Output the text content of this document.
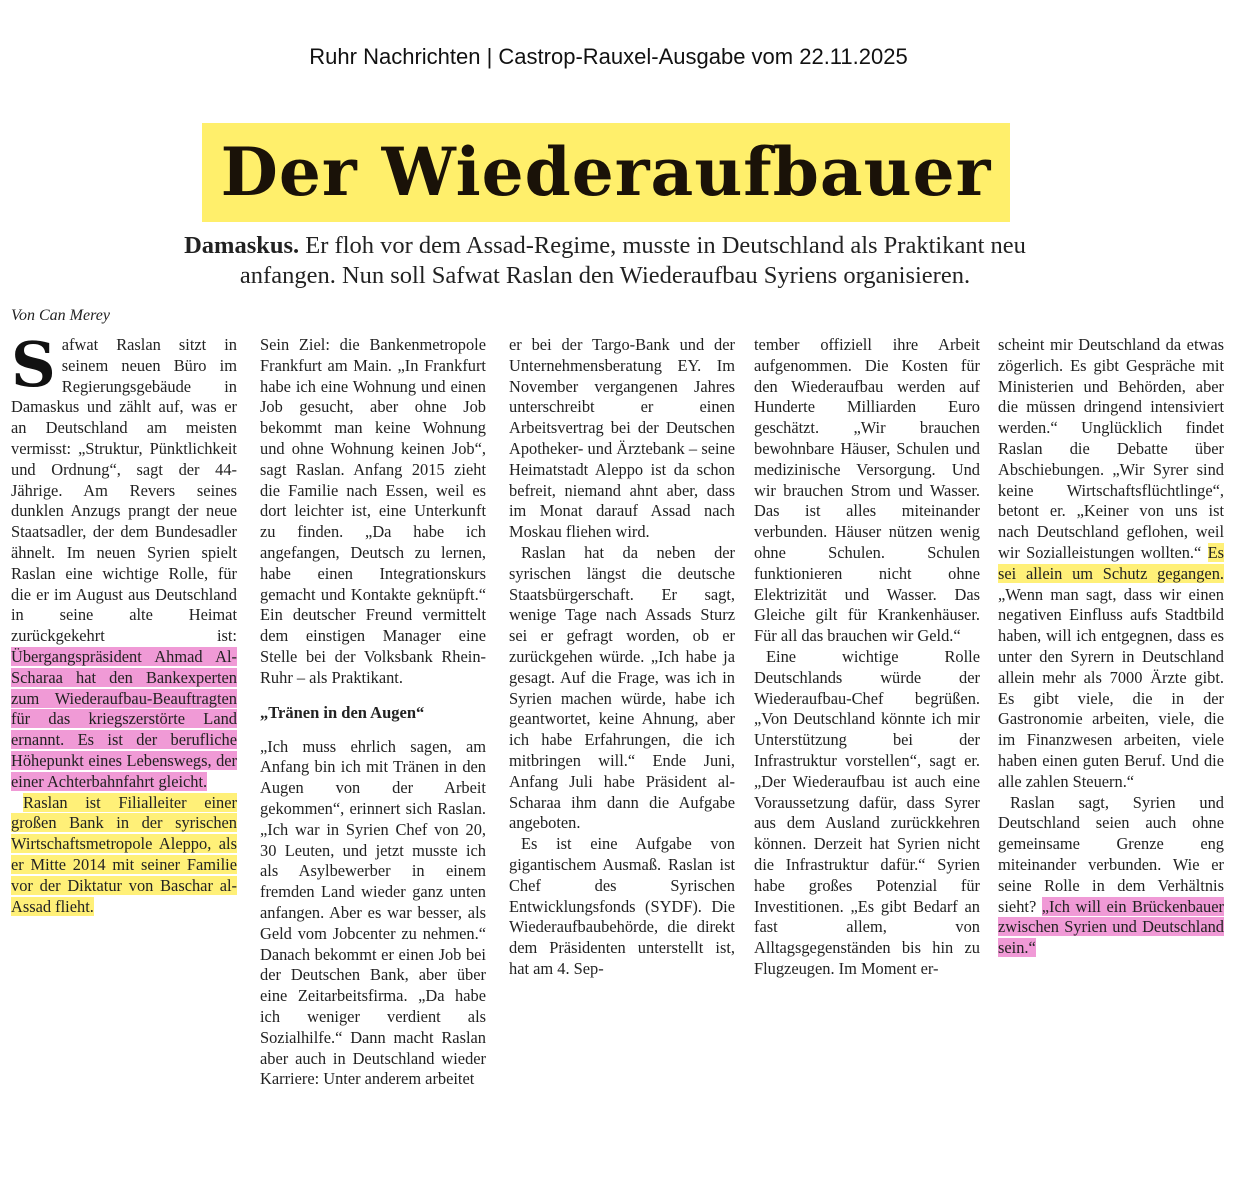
Ruhr Nachrichten | Castrop-Rauxel-Ausgabe vom 22.11.2025
Der Wiederaufbauer
Damaskus. Er floh vor dem Assad-Regime, musste in Deutschland als Praktikant neu anfangen. Nun soll Safwat Raslan den Wiederaufbau Syriens organisieren.
Von Can Merey

Safwat Raslan sitzt in seinem neuen Büro im Regierungsgebäude in Damaskus und zählt auf, was er an Deutschland am meisten vermisst: „Struktur, Pünktlichkeit und Ordnung“, sagt der 44-Jährige. Am Revers seines dunklen Anzugs prangt der neue Staatsadler, der dem Bundesadler ähnelt. Im neuen Syrien spielt Raslan eine wichtige Rolle, für die er im August aus Deutschland in seine alte Heimat zurückgekehrt ist: Übergangspräsident Ahmad Al-Scharaa hat den Bankexperten zum Wiederaufbau-Beauftragten für das kriegszerstörte Land ernannt. Es ist der berufliche Höhepunkt eines Lebenswegs, der einer Achterbahnfahrt gleicht.

Raslan ist Filialleiter einer großen Bank in der syrischen Wirtschaftsmetropole Aleppo, als er Mitte 2014 mit seiner Familie vor der Diktatur von Baschar al-Assad flieht.

Sein Ziel: die Bankenmetropole Frankfurt am Main. „In Frankfurt habe ich eine Wohnung und einen Job gesucht, aber ohne Job bekommt man keine Wohnung und ohne Wohnung keinen Job“, sagt Raslan. Anfang 2015 zieht die Familie nach Essen, weil es dort leichter ist, eine Unterkunft zu finden. „Da habe ich angefangen, Deutsch zu lernen, habe einen Integrationskurs gemacht und Kontakte geknüpft.“ Ein deutscher Freund vermittelt dem einstigen Manager eine Stelle bei der Volksbank Rhein-Ruhr – als Praktikant.

„Tränen in den Augen“

„Ich muss ehrlich sagen, am Anfang bin ich mit Tränen in den Augen von der Arbeit gekommen“, erinnert sich Raslan. „Ich war in Syrien Chef von 20, 30 Leuten, und jetzt musste ich als Asylbewerber in einem fremden Land wieder ganz unten anfangen. Aber es war besser, als Geld vom Jobcenter zu nehmen.“ Danach bekommt er einen Job bei der Deutschen Bank, aber über eine Zeitarbeitsfirma. „Da habe ich weniger verdient als Sozialhilfe.“ Dann macht Raslan aber auch in Deutschland wieder Karriere: Unter anderem arbeitet

er bei der Targo-Bank und der Unternehmensberatung EY. Im November vergangenen Jahres unterschreibt er einen Arbeitsvertrag bei der Deutschen Apotheker- und Ärztebank – seine Heimatstadt Aleppo ist da schon befreit, niemand ahnt aber, dass im Monat darauf Assad nach Moskau fliehen wird.

Raslan hat da neben der syrischen längst die deutsche Staatsbürgerschaft. Er sagt, wenige Tage nach Assads Sturz sei er gefragt worden, ob er zurückgehen würde. „Ich habe ja gesagt. Auf die Frage, was ich in Syrien machen würde, habe ich geantwortet, keine Ahnung, aber ich habe Erfahrungen, die ich mitbringen will.“ Ende Juni, Anfang Juli habe Präsident al-Scharaa ihm dann die Aufgabe angeboten.

Es ist eine Aufgabe von gigantischem Ausmaß. Raslan ist Chef des Syrischen Entwicklungsfonds (SYDF). Die Wiederaufbaubehörde, die direkt dem Präsidenten unterstellt ist, hat am 4. Sep-

tember offiziell ihre Arbeit aufgenommen. Die Kosten für den Wiederaufbau werden auf Hunderte Milliarden Euro geschätzt. „Wir brauchen bewohnbare Häuser, Schulen und medizinische Versorgung. Und wir brauchen Strom und Wasser. Das ist alles miteinander verbunden. Häuser nützen wenig ohne Schulen. Schulen funktionieren nicht ohne Elektrizität und Wasser. Das Gleiche gilt für Krankenhäuser. Für all das brauchen wir Geld.“

Eine wichtige Rolle Deutschlands würde der Wiederaufbau-Chef begrüßen. „Von Deutschland könnte ich mir Unterstützung bei der Infrastruktur vorstellen“, sagt er. „Der Wiederaufbau ist auch eine Voraussetzung dafür, dass Syrer aus dem Ausland zurückkehren können. Derzeit hat Syrien nicht die Infrastruktur dafür.“ Syrien habe großes Potenzial für Investitionen. „Es gibt Bedarf an fast allem, von Alltagsgegenständen bis hin zu Flugzeugen. Im Moment er-

scheint mir Deutschland da etwas zögerlich. Es gibt Gespräche mit Ministerien und Behörden, aber die müssen dringend intensiviert werden.“ Unglücklich findet Raslan die Debatte über Abschiebungen. „Wir Syrer sind keine Wirtschaftsflüchtlinge“, betont er. „Keiner von uns ist nach Deutschland geflohen, weil wir Sozialleistungen wollten.“ Es sei allein um Schutz gegangen. „Wenn man sagt, dass wir einen negativen Einfluss aufs Stadtbild haben, will ich entgegnen, dass es unter den Syrern in Deutschland allein mehr als 7000 Ärzte gibt. Es gibt viele, die in der Gastronomie arbeiten, viele, die im Finanzwesen arbeiten, viele haben einen guten Beruf. Und die alle zahlen Steuern.“

Raslan sagt, Syrien und Deutschland seien auch ohne gemeinsame Grenze eng miteinander verbunden. Wie er seine Rolle in dem Verhältnis sieht? „Ich will ein Brückenbauer zwischen Syrien und Deutschland sein.“
